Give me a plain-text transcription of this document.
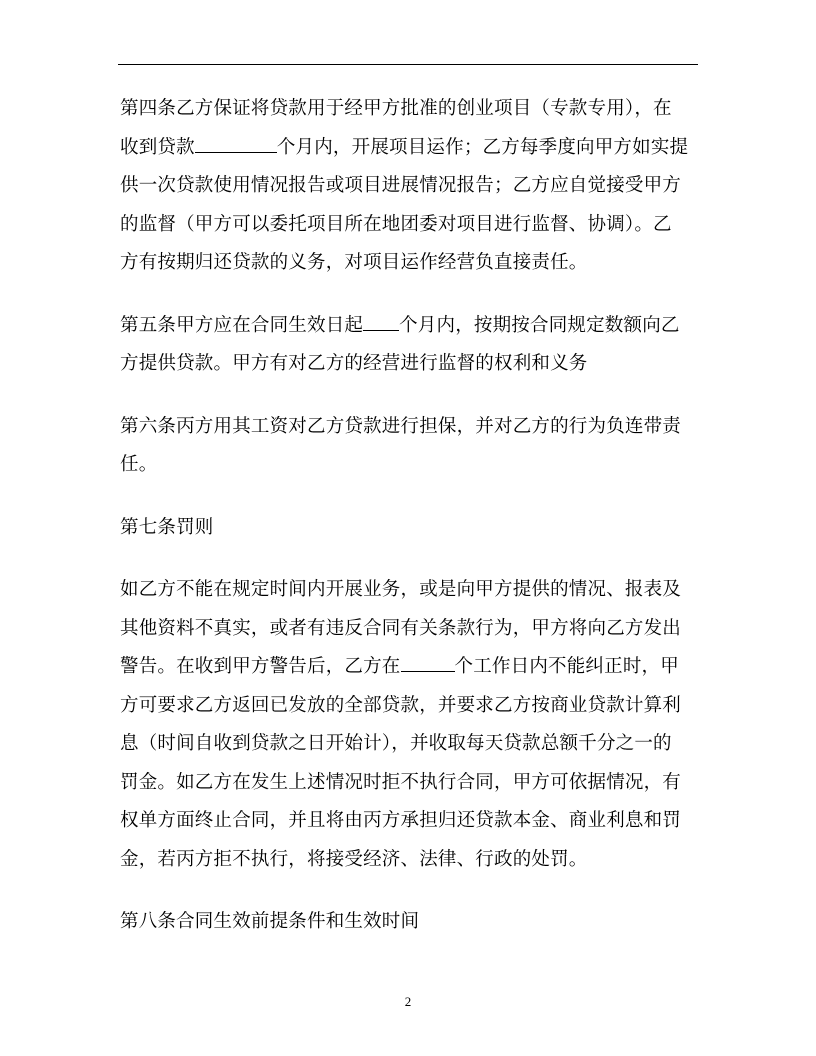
第四条乙方保证将贷款用于经甲方批准的创业项目（专款专用），在
收到贷款	个月内，开展项目运作；乙方每季度向甲方如实提
供一次贷款使用情况报告或项目进展情况报告；乙方应自觉接受甲方
的监督（甲方可以委托项目所在地团委对项目进行监督、协调）。乙
方有按期归还贷款的义务，对项目运作经营负直接责任。

第五条甲方应在合同生效日起 个月内，按期按合同规定数额向乙
方提供贷款。甲方有对乙方的经营进行监督的权利和义务

第六条丙方用其工资对乙方贷款进行担保，并对乙方的行为负连带责
任。

第七条罚则

如乙方不能在规定时间内开展业务，或是向甲方提供的情况、报表及
其他资料不真实，或者有违反合同有关条款行为，甲方将向乙方发出
警告。在收到甲方警告后，乙方在	个工作日内不能纠正时，甲
方可要求乙方返回已发放的全部贷款，并要求乙方按商业贷款计算利
息（时间自收到贷款之日开始计），并收取每天贷款总额千分之一的
罚金。如乙方在发生上述情况时拒不执行合同，甲方可依据情况，有
权单方面终止合同，并且将由丙方承担归还贷款本金、商业利息和罚
金，若丙方拒不执行，将接受经济、法律、行政的处罚。

第八条合同生效前提条件和生效时间

2
